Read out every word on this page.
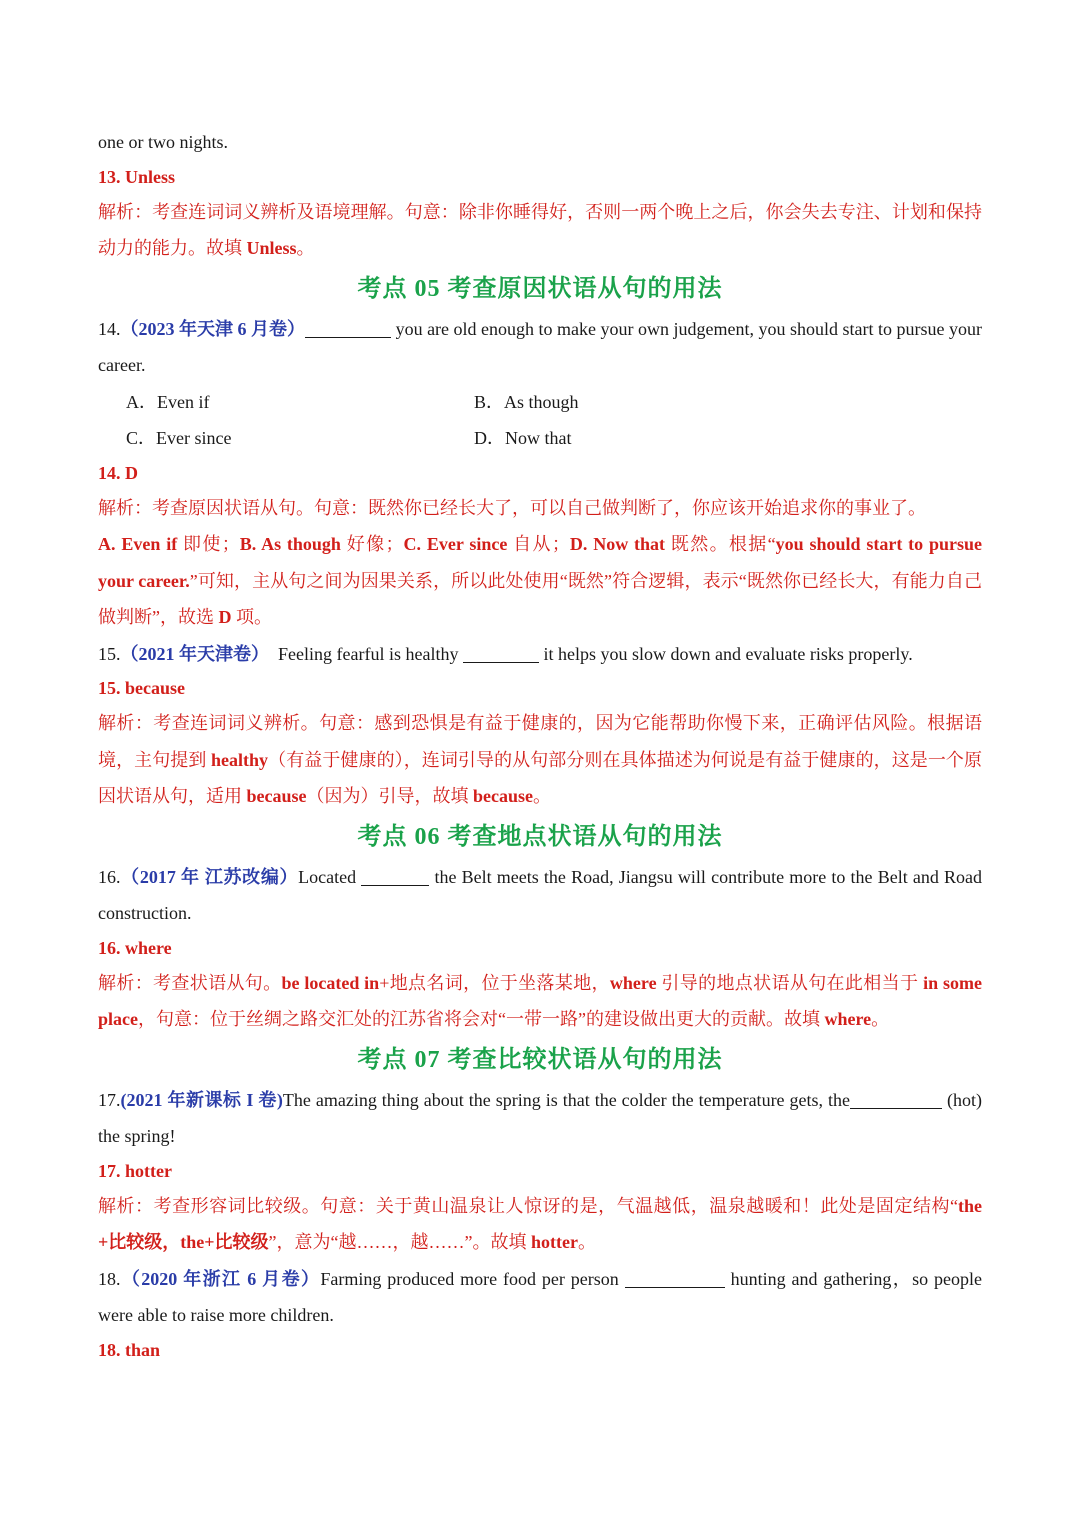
one or two nights.
13. Unless
解析：考查连词词义辨析及语境理解。句意：除非你睡得好，否则一两个晚上之后，你会失去专注、计划和保持动力的能力。故填 Unless。
考点 05 考查原因状语从句的用法
14.（2023 年天津 6 月卷）	you are old enough to make your own judgement, you should start to pursue your career.
A．Even if	B．As though
C．Ever since	D．Now that
14. D
解析：考查原因状语从句。句意：既然你已经长大了，可以自己做判断了，你应该开始追求你的事业了。
A. Even if 即使；B. As though 好像；C. Ever since 自从；D. Now that 既然。根据“you should start to pursue your career.”可知，主从句之间为因果关系，所以此处使用“既然”符合逻辑，表示“既然你已经长大，有能力自己做判断”，故选 D 项。
15.（2021 年天津卷） Feeling fearful is healthy	it helps you slow down and evaluate risks properly.
15. because
解析：考查连词词义辨析。句意：感到恐惧是有益于健康的，因为它能帮助你慢下来，正确评估风险。根据语境，主句提到 healthy（有益于健康的），连词引导的从句部分则在具体描述为何说是有益于健康的，这是一个原因状语从句，适用 because（因为）引导，故填 because。
考点 06 考查地点状语从句的用法
16.（2017 年 江苏改编）Located	the Belt meets the Road, Jiangsu will contribute more to the Belt and Road construction.
16. where
解析：考查状语从句。be located in+地点名词，位于坐落某地，where 引导的地点状语从句在此相当于 in some place，句意：位于丝绸之路交汇处的江苏省将会对“一带一路”的建设做出更大的贡献。故填 where。
考点 07 考查比较状语从句的用法
17.(2021 年新课标 I 卷)The amazing thing about the spring is that the colder the temperature gets, the	(hot) the spring!
17. hotter
解析：考查形容词比较级。句意：关于黄山温泉让人惊讶的是，气温越低，温泉越暖和！此处是固定结构“the +比较级，the+比较级”，意为“越……，越……”。故填 hotter。
18.（2020 年浙江 6 月卷）Farming produced more food per person	hunting and gathering，so people were able to raise more children.
18. than
